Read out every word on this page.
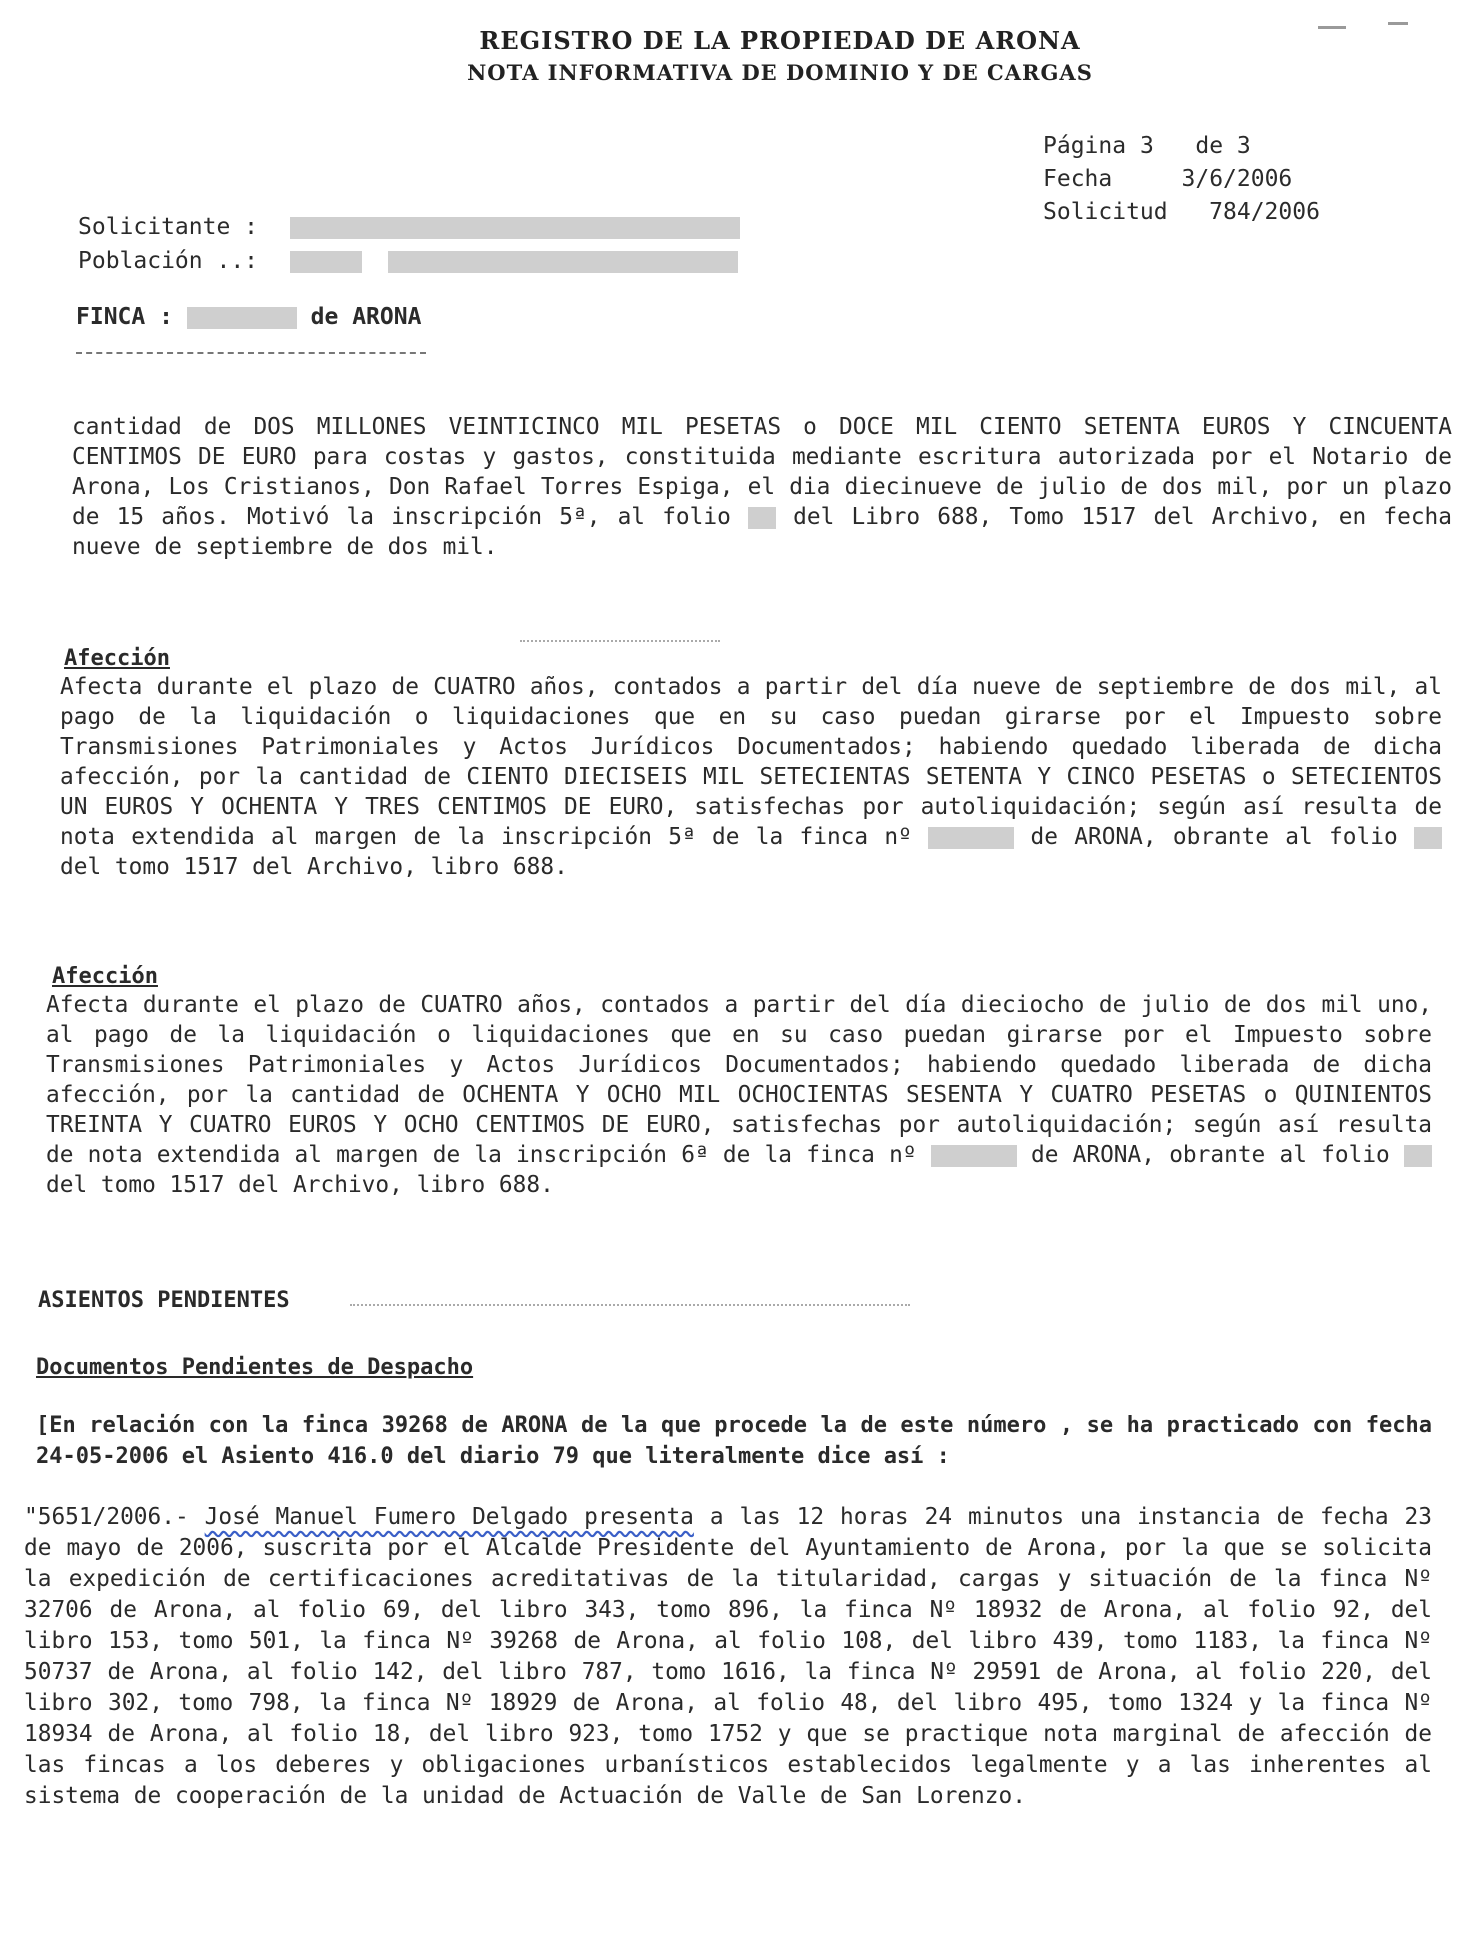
REGISTRO DE LA PROPIEDAD DE ARONA
NOTA INFORMATIVA DE DOMINIO Y DE CARGAS
Página 3 de 3
Fecha	3/6/2006
Solicitud 784/2006
Solicitante :
Población ..:
FINCA :	de ARONA
cantidad de DOS MILLONES VEINTICINCO MIL PESETAS o DOCE MIL CIENTO SETENTA EUROS Y CINCUENTA CENTIMOS DE EURO para costas y gastos, constituida mediante escritura autorizada por el Notario de Arona, Los Cristianos, Don Rafael Torres Espiga, el dia diecinueve de julio de dos mil, por un plazo de 15 años. Motivó la inscripción 5ª, al folio	del Libro 688, Tomo 1517 del Archivo, en fecha nueve de septiembre de dos mil.
Afección
Afecta durante el plazo de CUATRO años, contados a partir del día nueve de septiembre de dos mil, al pago de la liquidación o liquidaciones que en su caso puedan girarse por el Impuesto sobre Transmisiones Patrimoniales y Actos Jurídicos Documentados; habiendo quedado liberada de dicha afección, por la cantidad de CIENTO DIECISEIS MIL SETECIENTAS SETENTA Y CINCO PESETAS o SETECIENTOS UN EUROS Y OCHENTA Y TRES CENTIMOS DE EURO, satisfechas por autoliquidación; según así resulta de nota extendida al margen de la inscripción 5ª de la finca nº	de ARONA, obrante al folio  del tomo 1517 del Archivo, libro 688.
Afección
Afecta durante el plazo de CUATRO años, contados a partir del día dieciocho de julio de dos mil uno, al pago de la liquidación o liquidaciones que en su caso puedan girarse por el Impuesto sobre Transmisiones Patrimoniales y Actos Jurídicos Documentados; habiendo quedado liberada de dicha afección, por la cantidad de OCHENTA Y OCHO MIL OCHOCIENTAS SESENTA Y CUATRO PESETAS o QUINIENTOS TREINTA Y CUATRO EUROS Y OCHO CENTIMOS DE EURO, satisfechas por autoliquidación; según así resulta de nota extendida al margen de la inscripción 6ª de la finca nº	de ARONA, obrante al folio  del tomo 1517 del Archivo, libro 688.
ASIENTOS PENDIENTES
Documentos Pendientes de Despacho
[En relación con la finca 39268 de ARONA de la que procede la de este número , se ha practicado con fecha 24-05-2006 el Asiento 416.0 del diario 79 que literalmente dice así :
"5651/2006.- José Manuel Fumero Delgado presenta a las 12 horas 24 minutos una instancia de fecha 23 de mayo de 2006, suscrita por el Alcalde Presidente del Ayuntamiento de Arona, por la que se solicita la expedición de certificaciones acreditativas de la titularidad, cargas y situación de la finca Nº 32706 de Arona, al folio 69, del libro 343, tomo 896, la finca Nº 18932 de Arona, al folio 92, del libro 153, tomo 501, la finca Nº 39268 de Arona, al folio 108, del libro 439, tomo 1183, la finca Nº 50737 de Arona, al folio 142, del libro 787, tomo 1616, la finca Nº 29591 de Arona, al folio 220, del libro 302, tomo 798, la finca Nº 18929 de Arona, al folio 48, del libro 495, tomo 1324 y la finca Nº 18934 de Arona, al folio 18, del libro 923, tomo 1752 y que se practique nota marginal de afección de las fincas a los deberes y obligaciones urbanísticos establecidos legalmente y a las inherentes al sistema de cooperación de la unidad de Actuación de Valle de San Lorenzo.
